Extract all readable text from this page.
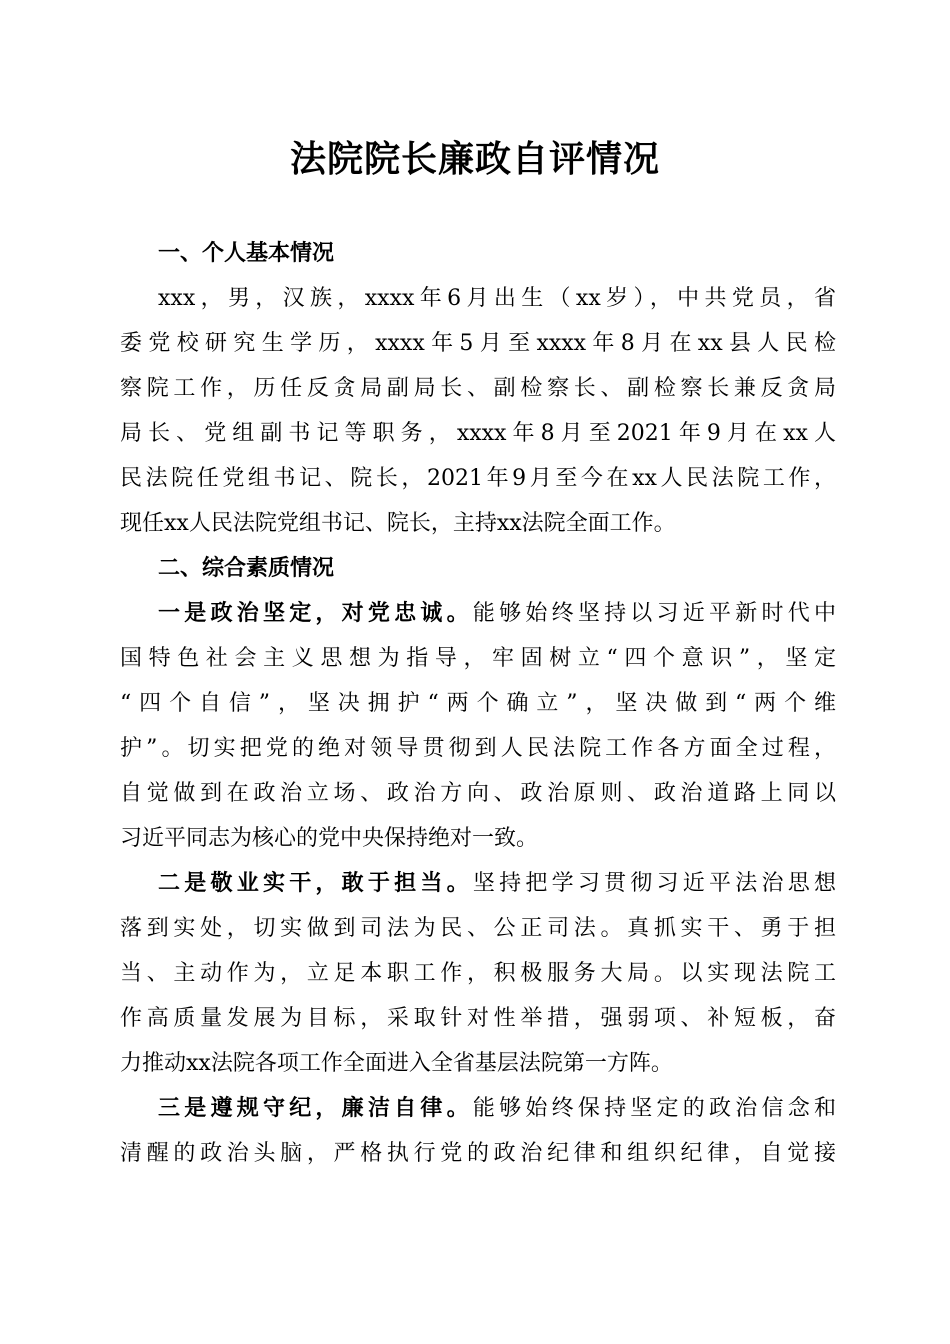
法院院长廉政自评情况
一、个人基本情况
xxx，男，汉族，xxxx年6月出生（xx岁），中共党员，省
委党校研究生学历，xxxx年5月至xxxx年8月在xx县人民检
察院工作，历任反贪局副局长、副检察长、副检察长兼反贪局
局长、党组副书记等职务，xxxx年8月至2021年9月在xx人
民法院任党组书记、院长，2021年9月至今在xx人民法院工作，
现任xx人民法院党组书记、院长，主持xx法院全面工作。
二、综合素质情况
一是政治坚定，对党忠诚。能够始终坚持以习近平新时代中
国特色社会主义思想为指导，牢固树立“四个意识”，坚定
“四个自信”，坚决拥护“两个确立”，坚决做到“两个维
护”。切实把党的绝对领导贯彻到人民法院工作各方面全过程，
自觉做到在政治立场、政治方向、政治原则、政治道路上同以
习近平同志为核心的党中央保持绝对一致。
二是敬业实干，敢于担当。坚持把学习贯彻习近平法治思想
落到实处，切实做到司法为民、公正司法。真抓实干、勇于担
当、主动作为，立足本职工作，积极服务大局。以实现法院工
作高质量发展为目标，采取针对性举措，强弱项、补短板，奋
力推动xx法院各项工作全面进入全省基层法院第一方阵。
三是遵规守纪，廉洁自律。能够始终保持坚定的政治信念和
清醒的政治头脑，严格执行党的政治纪律和组织纪律，自觉接
